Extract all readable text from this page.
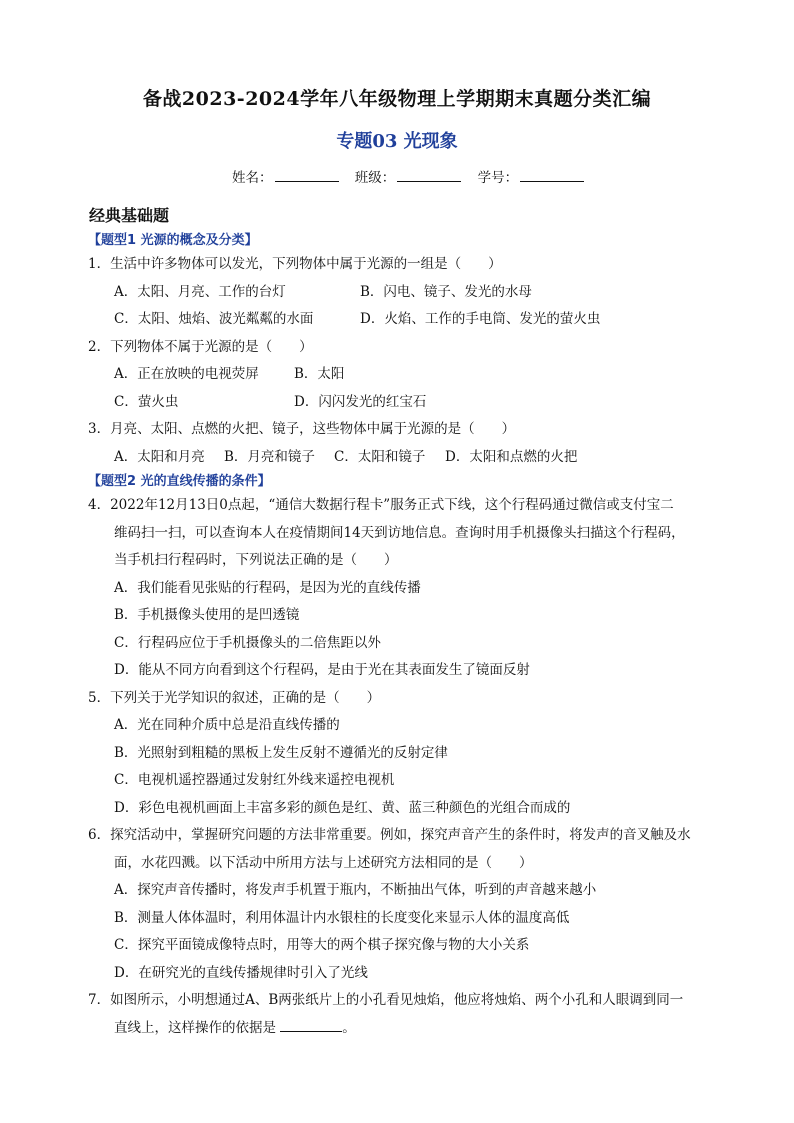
备战2023-2024学年八年级物理上学期期末真题分类汇编
专题03 光现象
姓名：	班级：	学号：
经典基础题
【题型1 光源的概念及分类】
1．生活中许多物体可以发光，下列物体中属于光源的一组是（　　）
A．太阳、月亮、工作的台灯	B．闪电、镜子、发光的水母
C．太阳、烛焰、波光粼粼的水面	D．火焰、工作的手电筒、发光的萤火虫
2．下列物体不属于光源的是（　　）
A．正在放映的电视荧屏	B．太阳
C．萤火虫	D．闪闪发光的红宝石
3．月亮、太阳、点燃的火把、镜子，这些物体中属于光源的是（　　）
A．太阳和月亮 B．月亮和镜子 C．太阳和镜子 D．太阳和点燃的火把
【题型2 光的直线传播的条件】
4．2022年12月13日0点起，“通信大数据行程卡”服务正式下线，这个行程码通过微信或支付宝二
维码扫一扫，可以查询本人在疫情期间14天到访地信息。查询时用手机摄像头扫描这个行程码，
当手机扫行程码时，下列说法正确的是（　　）
A．我们能看见张贴的行程码，是因为光的直线传播
B．手机摄像头使用的是凹透镜
C．行程码应位于手机摄像头的二倍焦距以外
D．能从不同方向看到这个行程码，是由于光在其表面发生了镜面反射
5．下列关于光学知识的叙述，正确的是（　　）
A．光在同种介质中总是沿直线传播的
B．光照射到粗糙的黑板上发生反射不遵循光的反射定律
C．电视机遥控器通过发射红外线来遥控电视机
D．彩色电视机画面上丰富多彩的颜色是红、黄、蓝三种颜色的光组合而成的
6．探究活动中，掌握研究问题的方法非常重要。例如，探究声音产生的条件时，将发声的音叉触及水
面，水花四溅。以下活动中所用方法与上述研究方法相同的是（　　）
A．探究声音传播时，将发声手机置于瓶内，不断抽出气体，听到的声音越来越小
B．测量人体体温时，利用体温计内水银柱的长度变化来显示人体的温度高低
C．探究平面镜成像特点时，用等大的两个棋子探究像与物的大小关系
D．在研究光的直线传播规律时引入了光线
7．如图所示，小明想通过A、B两张纸片上的小孔看见烛焰，他应将烛焰、两个小孔和人眼调到同一
直线上，这样操作的依据是	。
